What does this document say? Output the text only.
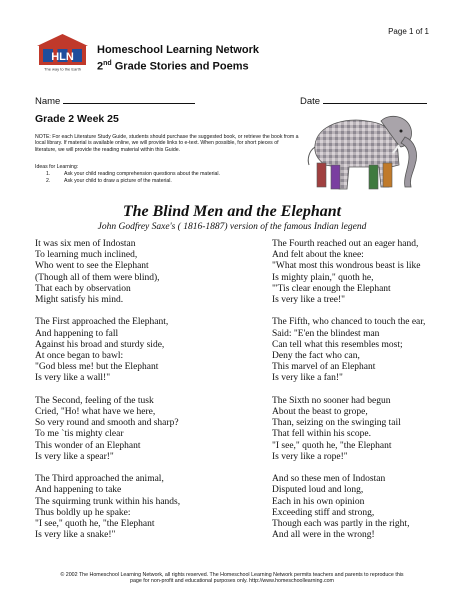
Page 1 of 1
HLN
The way to the Earth
Homeschool Learning Network
2nd Grade Stories and Poems
Name	Date
Grade 2 Week 25
NOTE: For each Literature Study Guide, students should purchase the suggested book, or retrieve the book from a local library. If material is available online, we will provide links to e-text. When possible, for short pieces of literature, we will provide the reading material within this Guide.
Ideas for Learning:
1.	Ask your child reading comprehension questions about the material.
2.	Ask your child to draw a picture of the material.
The Blind Men and the Elephant
John Godfrey Saxe's ( 1816-1887) version of the famous Indian legend
It was six men of Indostan
To learning much inclined,
Who went to see the Elephant
(Though all of them were blind),
That each by observation
Might satisfy his mind.
The First approached the Elephant,
And happening to fall
Against his broad and sturdy side,
At once began to bawl:
"God bless me! but the Elephant
Is very like a wall!"
The Second, feeling of the tusk
Cried, "Ho! what have we here,
So very round and smooth and sharp?
To me `tis mighty clear
This wonder of an Elephant
Is very like a spear!"
The Third approached the animal,
And happening to take
The squirming trunk within his hands,
Thus boldly up he spake:
"I see," quoth he, "the Elephant
Is very like a snake!"
The Fourth reached out an eager hand,
And felt about the knee:
"What most this wondrous beast is like
Is mighty plain," quoth he,
"'Tis clear enough the Elephant
Is very like a tree!"
The Fifth, who chanced to touch the ear,
Said: "E'en the blindest man
Can tell what this resembles most;
Deny the fact who can,
This marvel of an Elephant
Is very like a fan!"
The Sixth no sooner had begun
About the beast to grope,
Than, seizing on the swinging tail
That fell within his scope.
"I see," quoth he, "the Elephant
Is very like a rope!"
And so these men of Indostan
Disputed loud and long,
Each in his own opinion
Exceeding stiff and strong,
Though each was partly in the right,
And all were in the wrong!
© 2002 The Homeschool Learning Network, all rights reserved. The Homeschool Learning Network permits teachers and parents to reproduce this
page for non-profit and educational purposes only. http://www.homeschoollearning.com
